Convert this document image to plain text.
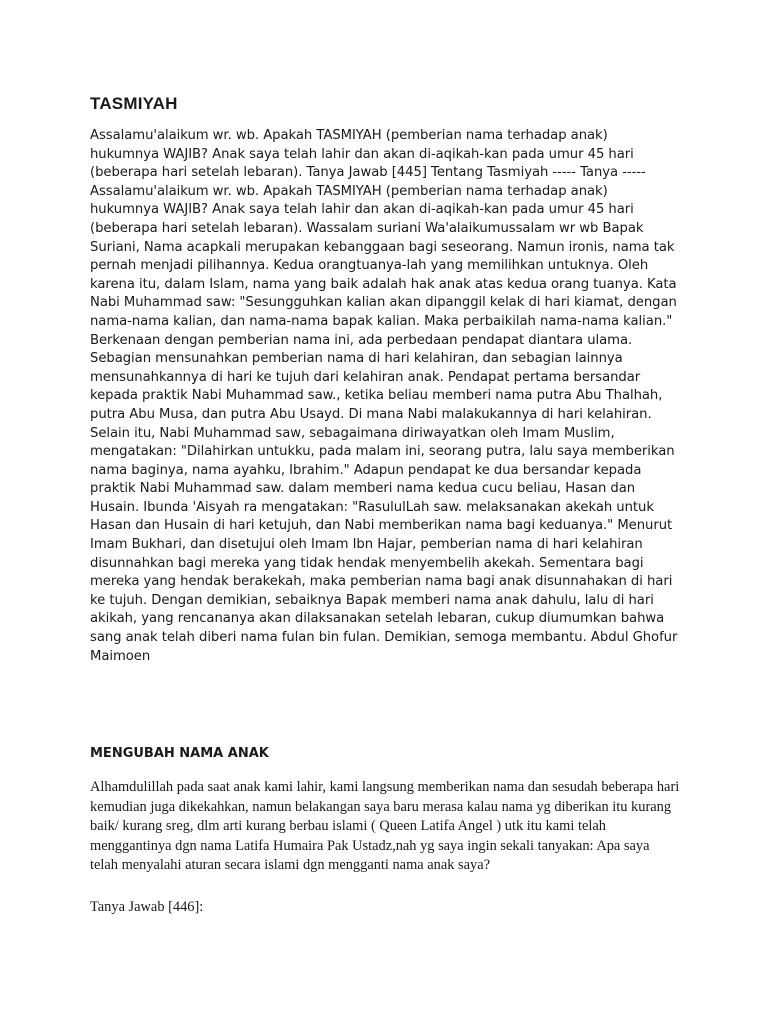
TASMIYAH

Assalamu'alaikum wr. wb. Apakah TASMIYAH (pemberian nama terhadap anak) hukumnya WAJIB? Anak saya telah lahir dan akan di-aqikah-kan pada umur 45 hari (beberapa hari setelah lebaran). Tanya Jawab [445] Tentang Tasmiyah ----- Tanya ----- Assalamu'alaikum wr. wb. Apakah TASMIYAH (pemberian nama terhadap anak) hukumnya WAJIB? Anak saya telah lahir dan akan di-aqikah-kan pada umur 45 hari (beberapa hari setelah lebaran). Wassalam suriani Wa'alaikumussalam wr wb Bapak Suriani, Nama acapkali merupakan kebanggaan bagi seseorang. Namun ironis, nama tak pernah menjadi pilihannya. Kedua orangtuanya-lah yang memilihkan untuknya. Oleh karena itu, dalam Islam, nama yang baik adalah hak anak atas kedua orang tuanya. Kata Nabi Muhammad saw: "Sesungguhkan kalian akan dipanggil kelak di hari kiamat, dengan nama-nama kalian, dan nama-nama bapak kalian. Maka perbaikilah nama-nama kalian." Berkenaan dengan pemberian nama ini, ada perbedaan pendapat diantara ulama. Sebagian mensunahkan pemberian nama di hari kelahiran, dan sebagian lainnya mensunahkannya di hari ke tujuh dari kelahiran anak. Pendapat pertama bersandar kepada praktik Nabi Muhammad saw., ketika beliau memberi nama putra Abu Thalhah, putra Abu Musa, dan putra Abu Usayd. Di mana Nabi malakukannya di hari kelahiran. Selain itu, Nabi Muhammad saw, sebagaimana diriwayatkan oleh Imam Muslim, mengatakan: "Dilahirkan untukku, pada malam ini, seorang putra, lalu saya memberikan nama baginya, nama ayahku, Ibrahim." Adapun pendapat ke dua bersandar kepada praktik Nabi Muhammad saw. dalam memberi nama kedua cucu beliau, Hasan dan Husain. Ibunda 'Aisyah ra mengatakan: "RasululLah saw. melaksanakan akekah untuk Hasan dan Husain di hari ketujuh, dan Nabi memberikan nama bagi keduanya." Menurut Imam Bukhari, dan disetujui oleh Imam Ibn Hajar, pemberian nama di hari kelahiran disunnahkan bagi mereka yang tidak hendak menyembelih akekah. Sementara bagi mereka yang hendak berakekah, maka pemberian nama bagi anak disunnahakan di hari ke tujuh. Dengan demikian, sebaiknya Bapak memberi nama anak dahulu, lalu di hari akikah, yang rencananya akan dilaksanakan setelah lebaran, cukup diumumkan bahwa sang anak telah diberi nama fulan bin fulan. Demikian, semoga membantu. Abdul Ghofur Maimoen

MENGUBAH NAMA ANAK

Alhamdulillah pada saat anak kami lahir, kami langsung memberikan nama dan sesudah beberapa hari kemudian juga dikekahkan, namun belakangan saya baru merasa kalau nama yg diberikan itu kurang baik/ kurang sreg, dlm arti kurang berbau islami ( Queen Latifa Angel ) utk itu kami telah menggantinya dgn nama Latifa Humaira Pak Ustadz,nah yg saya ingin sekali tanyakan: Apa saya telah menyalahi aturan secara islami dgn mengganti nama anak saya?

Tanya Jawab [446]:
